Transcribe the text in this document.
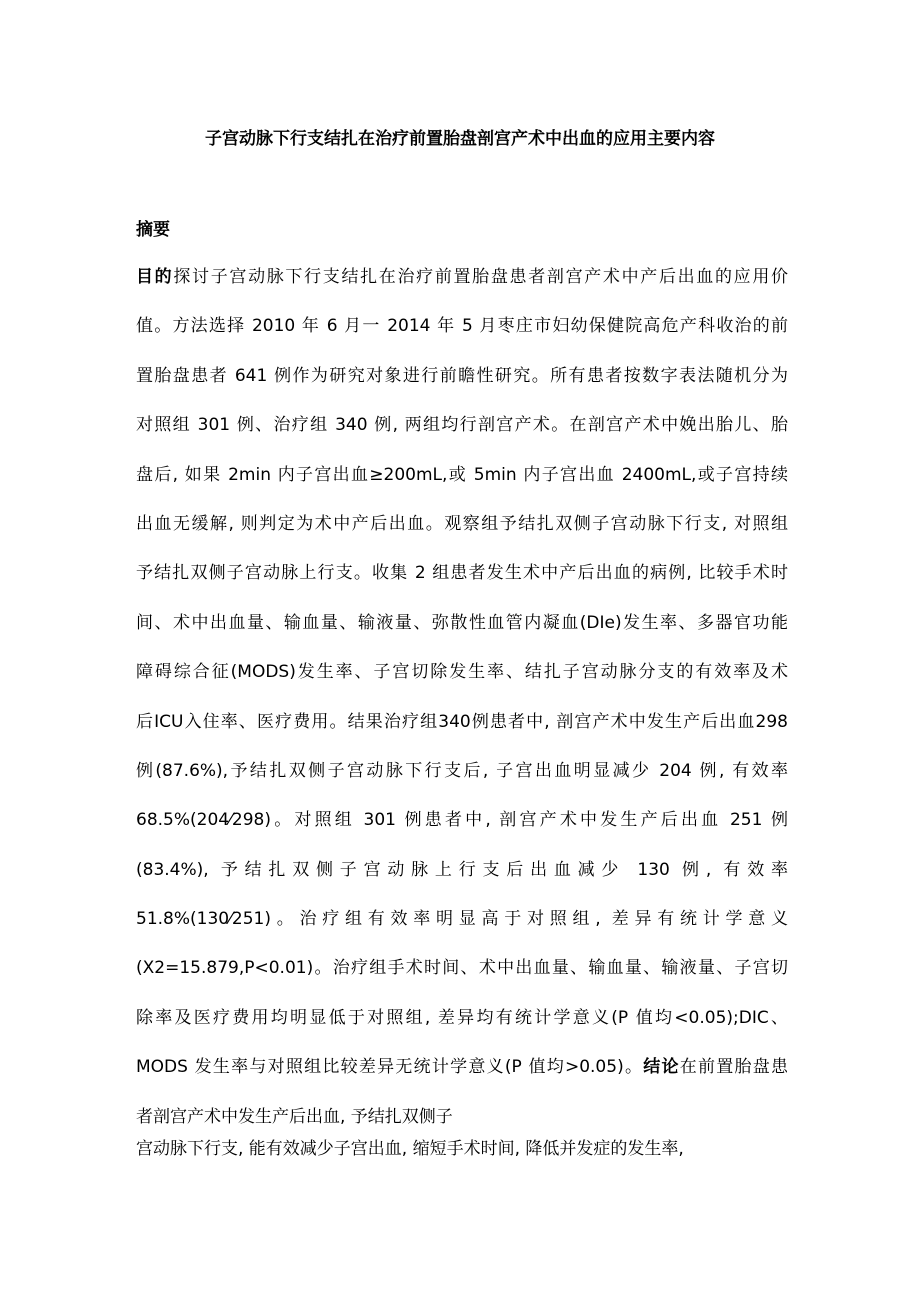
子宫动脉下行支结扎在治疗前置胎盘剖宫产术中出血的应用主要内容
摘要
目的探讨子宫动脉下行支结扎在治疗前置胎盘患者剖宫产术中产后出血的应用价
值。方法选择 2010 年 6 月一 2014 年 5 月枣庄市妇幼保健院高危产科收治的前
置胎盘患者 641 例作为研究对象进行前瞻性研究。所有患者按数字表法随机分为
对照组 301 例、治疗组 340 例, 两组均行剖宫产术。在剖宫产术中娩出胎儿、胎
盘后, 如果 2min 内子宫出血≥200mL,或 5min 内子宫出血 2400mL,或子宫持续
出血无缓解, 则判定为术中产后出血。观察组予结扎双侧子宫动脉下行支, 对照组
予结扎双侧子宫动脉上行支。收集 2 组患者发生术中产后出血的病例, 比较手术时
间、术中出血量、输血量、输液量、弥散性血管内凝血(DIe)发生率、多器官功能
障碍综合征(MODS)发生率、子宫切除发生率、结扎子宫动脉分支的有效率及术
后ICU入住率、医疗费用。结果治疗组340例患者中, 剖宫产术中发生产后出血298
例(87.6%),予结扎双侧子宫动脉下行支后, 子宫出血明显减少 204 例, 有效率
68.5%(204⁄298)。对照组 301 例患者中, 剖宫产术中发生产后出血 251 例
(83.4%), 予结扎双侧子宫动脉上行支后出血减少 130 例, 有效率
51.8%(130⁄251)。治疗组有效率明显高于对照组, 差异有统计学意义
(X2=15.879,P<0.01)。治疗组手术时间、术中出血量、输血量、输液量、子宫切
除率及医疗费用均明显低于对照组, 差异均有统计学意义(P 值均<0.05);DIC、
MODS 发生率与对照组比较差异无统计学意义(P 值均>0.05)。结论在前置胎盘患
者剖宫产术中发生产后出血, 予结扎双侧子
宫动脉下行支, 能有效减少子宫出血, 缩短手术时间, 降低并发症的发生率,
